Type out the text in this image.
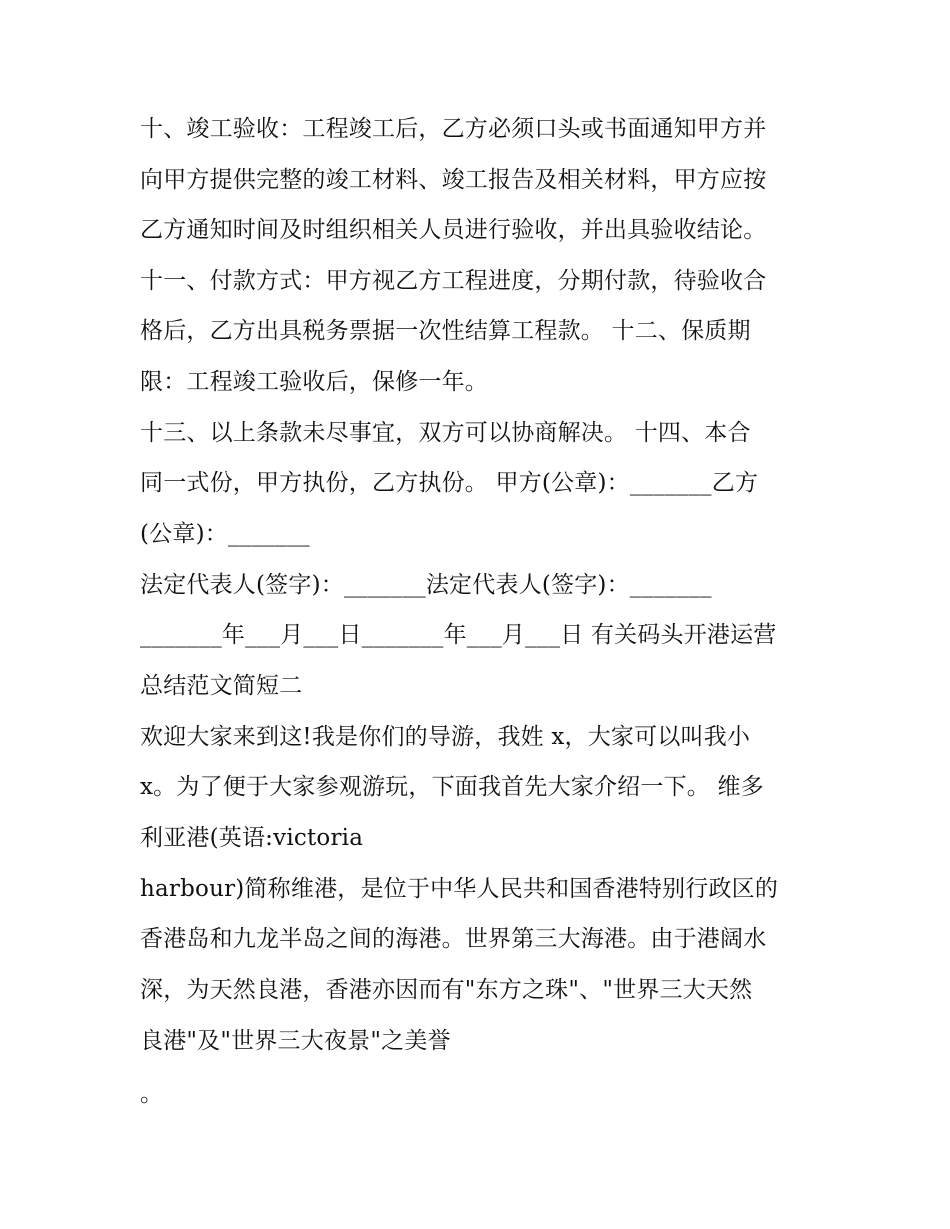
十、竣工验收：工程竣工后，乙方必须口头或书面通知甲方并
向甲方提供完整的竣工材料、竣工报告及相关材料，甲方应按
乙方通知时间及时组织相关人员进行验收，并出具验收结论。
十一、付款方式：甲方视乙方工程进度，分期付款，待验收合
格后，乙方出具税务票据一次性结算工程款。 十二、保质期
限：工程竣工验收后，保修一年。
十三、以上条款未尽事宜，双方可以协商解决。 十四、本合
同一式份，甲方执份，乙方执份。 甲方(公章)：_______乙方
(公章)：_______
法定代表人(签字)：_______法定代表人(签字)：_______
_______年___月___日_______年___月___日 有关码头开港运营
总结范文简短二
欢迎大家来到这!我是你们的导游，我姓 x，大家可以叫我小
x。为了便于大家参观游玩，下面我首先大家介绍一下。 维多
利亚港(英语:victoria
harbour)简称维港，是位于中华人民共和国香港特别行政区的
香港岛和九龙半岛之间的海港。世界第三大海港。由于港阔水
深，为天然良港，香港亦因而有"东方之珠"、"世界三大天然
良港"及"世界三大夜景"之美誉
。
